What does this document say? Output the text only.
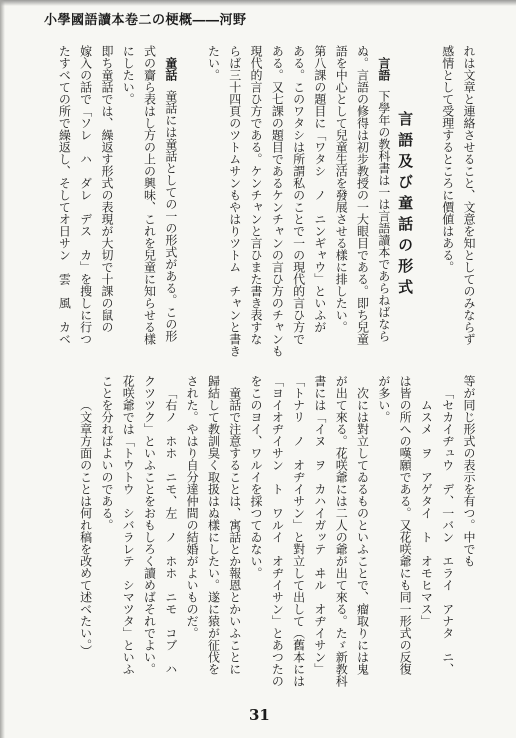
小學國語讀本卷二の梗概――河野
れは文章と連絡させること、文意を知としてのみならず
感情として受理するところに價値はある。
言語及び童話の形式
言語下學年の教科書は一は言語讀本であらねばなら
ぬ。言語の修得は初步教授の一大眼目である。即ち兒童
語を中心として兒童生活を發展させる樣に排したい。
第八課の題目に「ワタシ　ノ　ニンギャウ」といふが
ある。このワタシは所謂私のことで一の現代的言ひ方で
ある。又七課の題目であるケンチャンの言ひ方のチャンも
現代的言ひ方である。ケンチャンと言ひまた書き表すな
らば三十四頁のツトムサンもやはりツトム　チャンと書き
たい。
童話童話には童話としての一の形式がある。この形
式の齎ら表はし方の上の興味、これを兒童に知らせる樣
にしたい。
即ち童話では、繰返す形式の表現が大切で十課の鼠の
嫁入の話で「ソレ　ハ　ダレ　デス　カ」を搜しに行つ
たすべての所で繰返し、そしてオ日サン　雲　風　カベ
等が同じ形式の表示を有つ。中でも
「セカイヂュウ　デ、一バン　エライ　アナタ　ニ、
ムスメ　ヲ　アゲタイ　ト　オモヒマス」
は皆の所への嘆願である。又花咲爺にも同一形式の反復
が多い。
次には對立してゐるものといふことで、瘤取りには鬼
が出て來る。花咲爺には二人の爺が出て來る。たゞ新教科
書には「イヌ　ヲ　カハイガッテ　ヰル　オヂイサン」
「トナリ　ノ　オヂイサン」と對立して出して（舊本には
「ヨイオヂイサン　ト　ワルイ　オヂイサン」とあつたの
をこのヨイ、ワルイを採つてゐない。
童話で注意することは、寓話とか報恩とかいふことに
歸結して教訓臭く取扱はぬ樣にしたい。遂に猿が征伐を
された。やはり自分達仲間の結婚がよいものだ。
「右ノ　ホホ　ニモ、左　ノ　ホホ　ニモ　コブ　ハ
クツツク」といふことをおもしろく讀めばそれでよい。
花咲爺では「トウトウ　シバラレテ　シマツタ」といふ
ことを分ればよいのである。
（文章方面のことは何れ稿を改めて述べたい。）
31
